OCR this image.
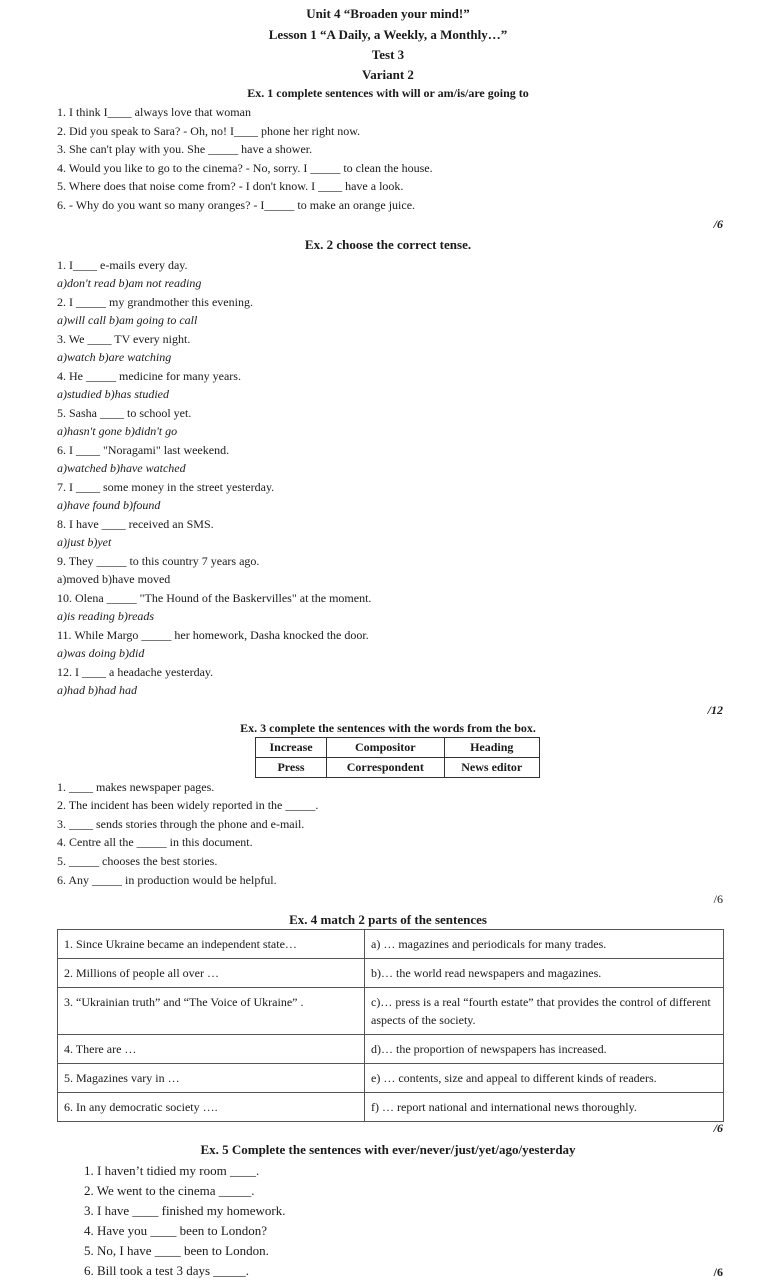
Unit 4 “Broaden your mind!”
Lesson 1 “A Daily, a Weekly, a Monthly…”
Test 3
Variant 2
Ex. 1 complete sentences with will or am/is/are going to
1. I think I____ always love that woman
2. Did you speak to Sara? - Oh, no! I____ phone her right now.
3. She can't play with you. She _____ have a shower.
4. Would you like to go to the cinema? - No, sorry. I _____ to clean the house.
5. Where does that noise come from? - I don't know. I ____ have a look.
6. - Why do you want so many oranges? - I_____ to make an orange juice.
/6
Ex. 2 choose the correct tense.
1. I____ e-mails every day.
a)don't read b)am not reading
2. I _____ my grandmother this evening.
a)will call b)am going to call
3. We ____ TV every night.
a)watch b)are watching
4. He _____ medicine for many years.
a)studied b)has studied
5. Sasha ____ to school yet.
a)hasn't gone b)didn't go
6. I ____ "Noragami" last weekend.
a)watched b)have watched
7. I ____ some money in the street yesterday.
a)have found b)found
8. I have ____ received an SMS.
a)just b)yet
9. They _____ to this country 7 years ago.
a)moved b)have moved
10. Olena _____ "The Hound of the Baskervilles" at the moment.
a)is reading b)reads
11. While Margo _____ her homework, Dasha knocked the door.
a)was doing b)did
12. I ____ a headache yesterday.
a)had b)had had
/12
Ex. 3 complete the sentences with the words from the box.
Increase	Compositor	Heading
Press	Correspondent	News editor
1. ____ makes newspaper pages.
2. The incident has been widely reported in the _____.
3. ____ sends stories through the phone and e-mail.
4. Centre all the _____ in this document.
5. _____ chooses the best stories.
6. Any _____ in production would be helpful.
/6
Ex. 4 match 2 parts of the sentences
1. Since Ukraine became an independent state…	a) … magazines and periodicals for many trades.
2. Millions of people all over …	b)… the world read newspapers and magazines.
3. “Ukrainian truth” and “The Voice of Ukraine” .	c)… press is a real “fourth estate” that provides the control of different aspects of the society.
4. There are …	d)… the proportion of newspapers has increased.
5. Magazines vary in …	e) … contents, size and appeal to different kinds of readers.
6. In any democratic society ….	f) … report national and international news thoroughly.
/6
Ex. 5 Complete the sentences with ever/never/just/yet/ago/yesterday
1. I haven’t tidied my room ____.
2. We went to the cinema _____.
3. I have ____ finished my homework.
4. Have you ____ been to London?
5. No, I have ____ been to London.
6. Bill took a test 3 days _____.	/6
